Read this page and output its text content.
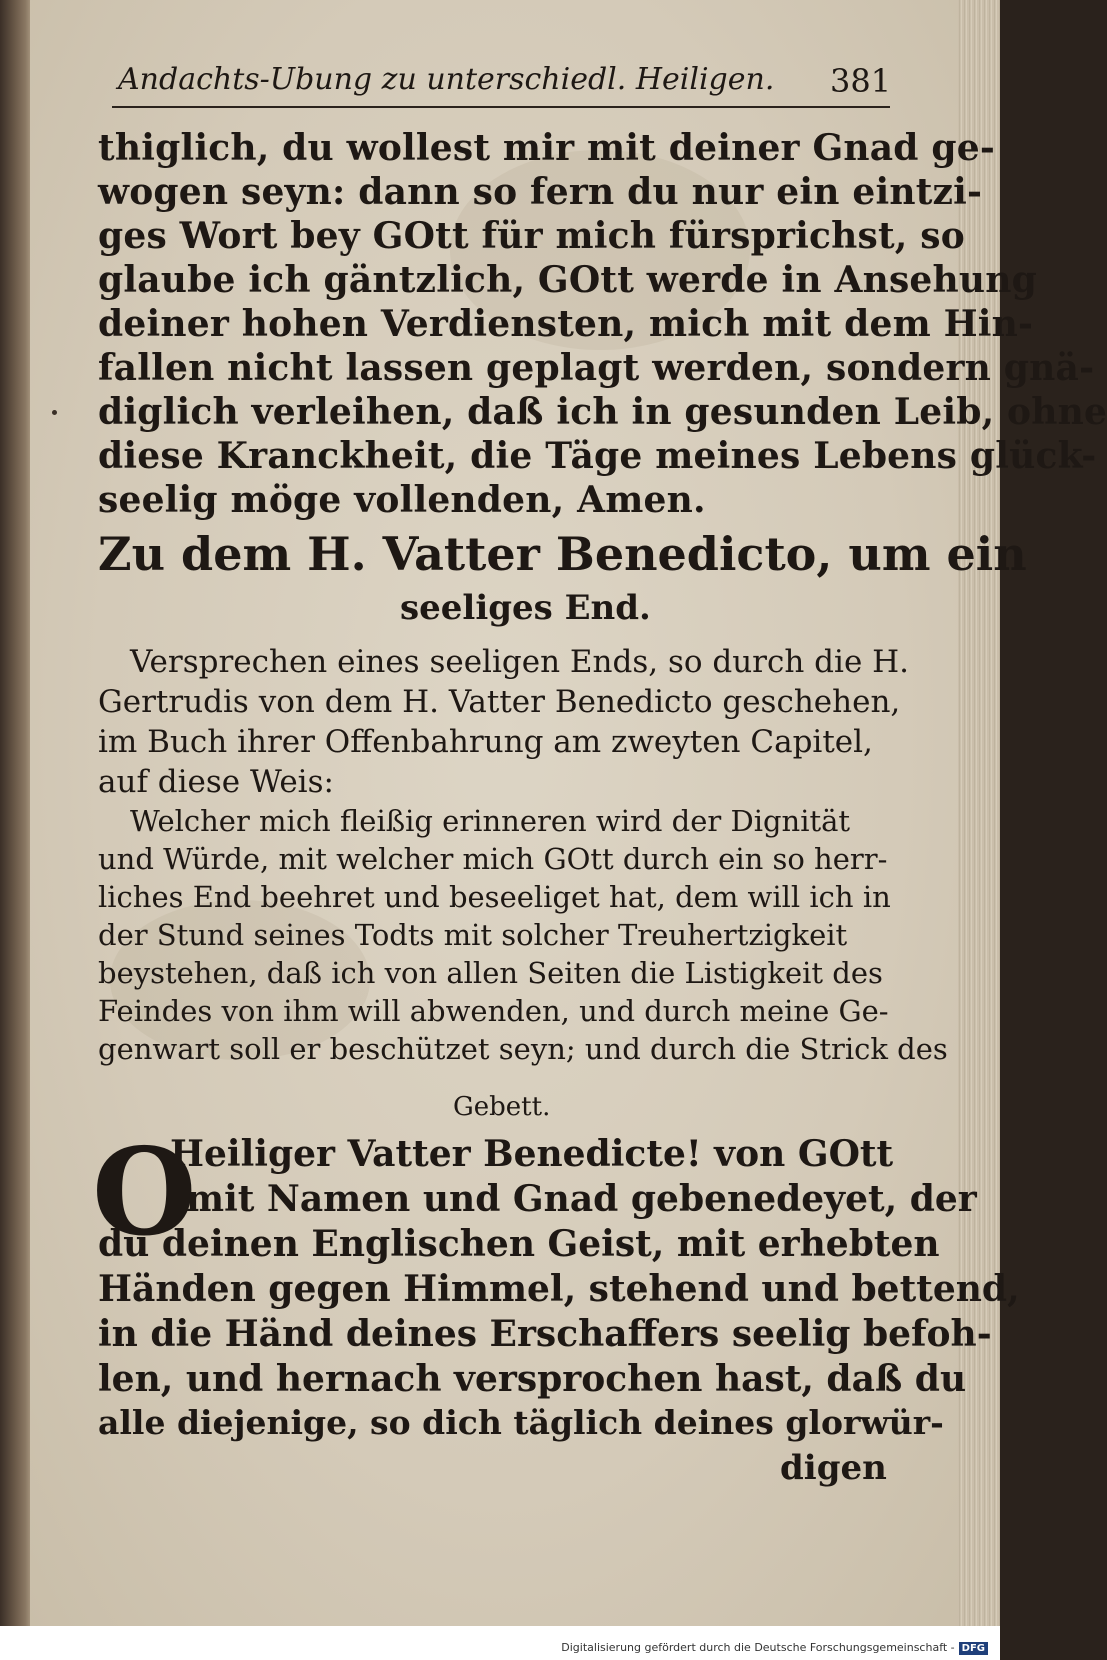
Andachts-Ubung zu unterschiedl. Heiligen. 381
thiglich, du wollest mir mit deiner Gnad ge-
wogen seyn: dann so fern du nur ein eintzi-
ges Wort bey GOtt für mich fürsprichst, so
glaube ich gäntzlich, GOtt werde in Ansehung
deiner hohen Verdiensten, mich mit dem Hin-
fallen nicht lassen geplagt werden, sondern gnä-
diglich verleihen, daß ich in gesunden Leib, ohne
diese Kranckheit, die Täge meines Lebens glück-
seelig möge vollenden, Amen.
Zu dem H. Vatter Benedicto, um ein
seeliges End.
Versprechen eines seeligen Ends, so durch die H.
Gertrudis von dem H. Vatter Benedicto geschehen,
im Buch ihrer Offenbahrung am zweyten Capitel,
auf diese Weis:
Welcher mich fleißig erinneren wird der Dignität
und Würde, mit welcher mich GOtt durch ein so herr-
liches End beehret und beseeliget hat, dem will ich in
der Stund seines Todts mit solcher Treuhertzigkeit
beystehen, daß ich von allen Seiten die Listigkeit des
Feindes von ihm will abwenden, und durch meine Ge-
genwart soll er beschützet seyn; und durch die Strick des
Gebett.
O
Heiliger Vatter Benedicte! von GOtt
mit Namen und Gnad gebenedeyet, der
du deinen Englischen Geist, mit erhebten
Händen gegen Himmel, stehend und bettend,
in die Händ deines Erschaffers seelig befoh-
len, und hernach versprochen hast, daß du
alle diejenige, so dich täglich deines glorwür-
digen
Digitalisierung gefördert durch die Deutsche Forschungsgemeinschaft - DFG
